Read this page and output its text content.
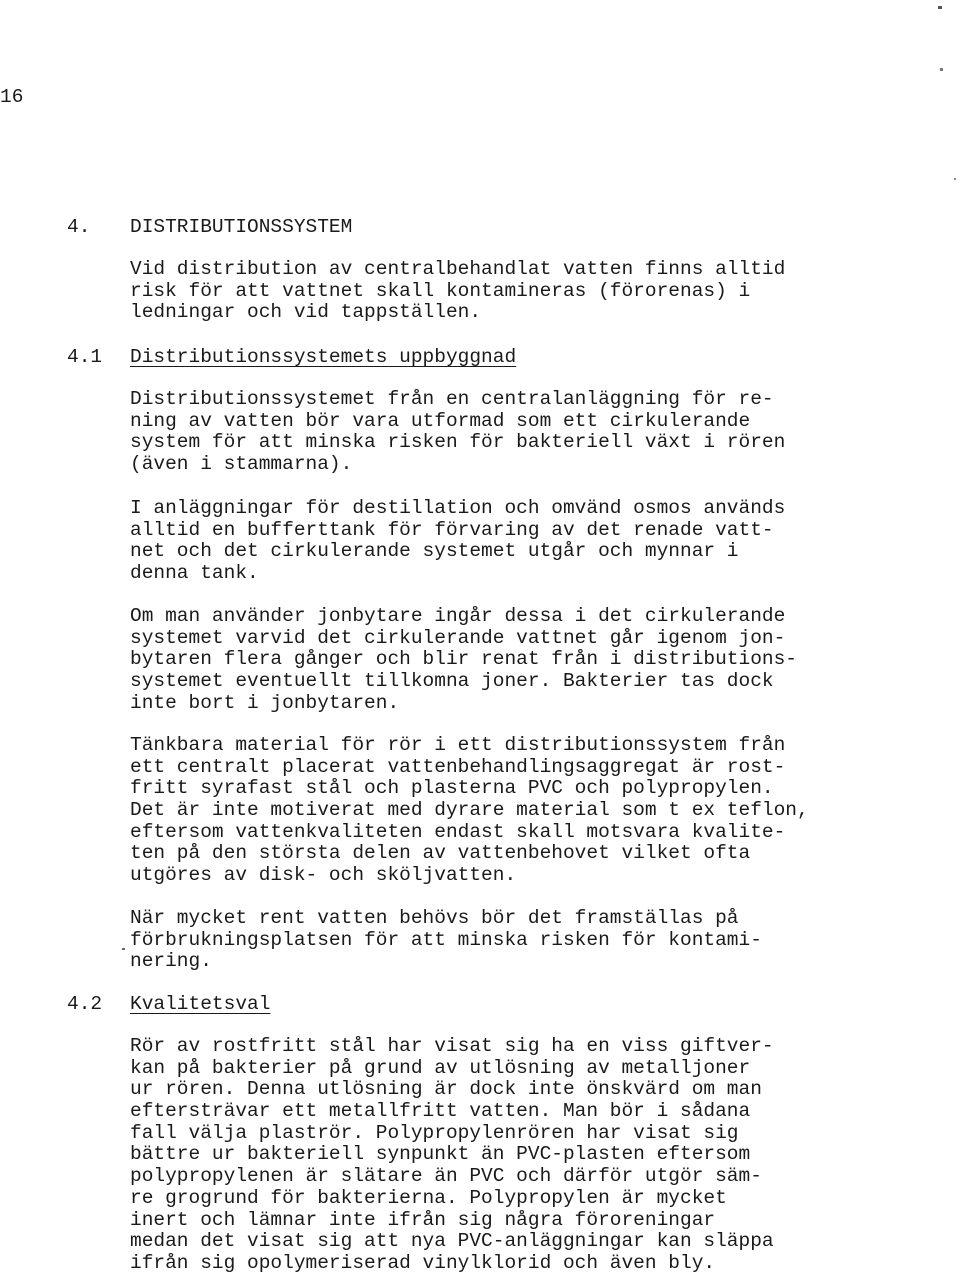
16
4. DISTRIBUTIONSSYSTEM
Vid distribution av centralbehandlat vatten finns alltid
risk för att vattnet skall kontamineras (förorenas) i
ledningar och vid tappställen.
4.1 Distributionssystemets uppbyggnad
Distributionssystemet från en centralanläggning för re-
ning av vatten bör vara utformad som ett cirkulerande
system för att minska risken för bakteriell växt i rören
(även i stammarna).
I anläggningar för destillation och omvänd osmos används
alltid en bufferttank för förvaring av det renade vatt-
net och det cirkulerande systemet utgår och mynnar i
denna tank.
Om man använder jonbytare ingår dessa i det cirkulerande
systemet varvid det cirkulerande vattnet går igenom jon-
bytaren flera gånger och blir renat från i distributions-
systemet eventuellt tillkomna joner. Bakterier tas dock
inte bort i jonbytaren.
Tänkbara material för rör i ett distributionssystem från
ett centralt placerat vattenbehandlingsaggregat är rost-
fritt syrafast stål och plasterna PVC och polypropylen.
Det är inte motiverat med dyrare material som t ex teflon,
eftersom vattenkvaliteten endast skall motsvara kvalite-
ten på den största delen av vattenbehovet vilket ofta
utgöres av disk- och sköljvatten.
När mycket rent vatten behövs bör det framställas på
förbrukningsplatsen för att minska risken för kontami-
nering.
4.2 Kvalitetsval
Rör av rostfritt stål har visat sig ha en viss giftver-
kan på bakterier på grund av utlösning av metalljoner
ur rören. Denna utlösning är dock inte önskvärd om man
eftersträvar ett metallfritt vatten. Man bör i sådana
fall välja plaströr. Polypropylenrören har visat sig
bättre ur bakteriell synpunkt än PVC-plasten eftersom
polypropylenen är slätare än PVC och därför utgör säm-
re grogrund för bakterierna. Polypropylen är mycket
inert och lämnar inte ifrån sig några föroreningar
medan det visat sig att nya PVC-anläggningar kan släppa
ifrån sig opolymeriserad vinylklorid och även bly.
